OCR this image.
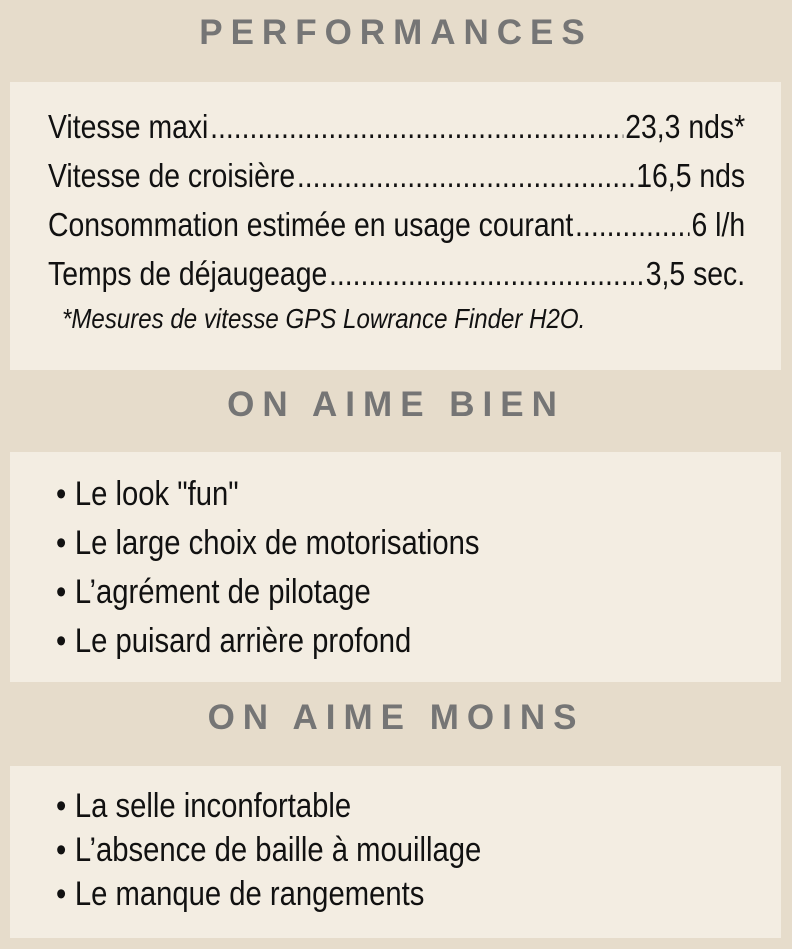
PERFORMANCES
Vitesse maxi .....	23,3 nds*
Vitesse de croisière .....	16,5 nds
Consommation estimée en usage courant .....	6 l/h
Temps de déjaugeage .....	3,5 sec.
*Mesures de vitesse GPS Lowrance Finder H2O.
ON AIME BIEN
• Le look "fun"
• Le large choix de motorisations
• L’agrément de pilotage
• Le puisard arrière profond
ON AIME MOINS
• La selle inconfortable
• L’absence de baille à mouillage
• Le manque de rangements
